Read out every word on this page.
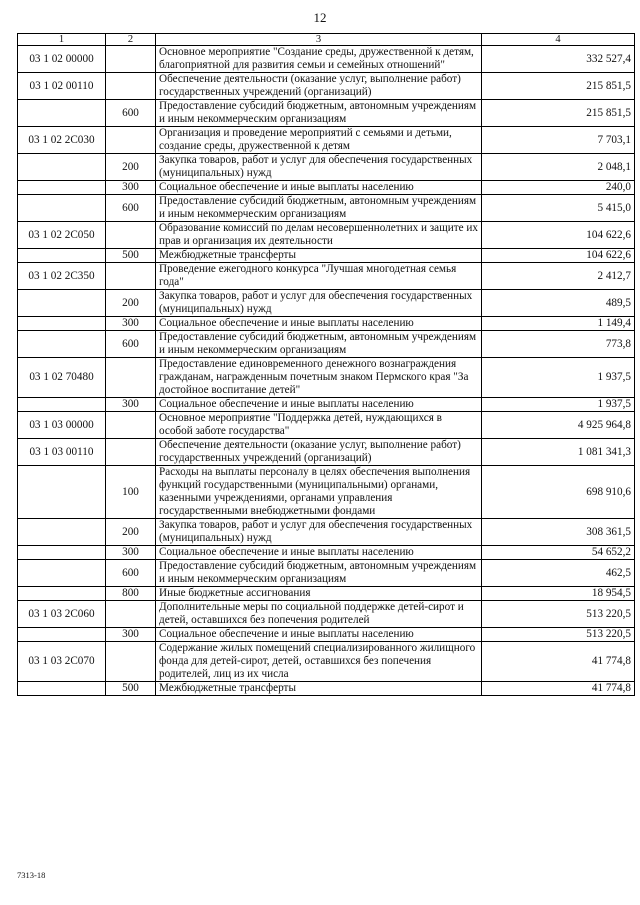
12
1	2	3	4
03 1 02 00000		Основное мероприятие "Создание среды, дружественной к детям, благоприятной для развития семьи и семейных отношений"	332 527,4
03 1 02 00110		Обеспечение деятельности (оказание услуг, выполнение работ) государственных учреждений (организаций)	215 851,5
	600	Предоставление субсидий бюджетным, автономным учреждениям и иным некоммерческим организациям	215 851,5
03 1 02 2С030		Организация и проведение мероприятий с семьями и детьми, создание среды, дружественной к детям	7 703,1
	200	Закупка товаров, работ и услуг для обеспечения государственных (муниципальных) нужд	2 048,1
	300	Социальное обеспечение и иные выплаты населению	240,0
	600	Предоставление субсидий бюджетным, автономным учреждениям и иным некоммерческим организациям	5 415,0
03 1 02 2С050		Образование комиссий по делам несовершеннолетних и защите их прав и организация их деятельности	104 622,6
	500	Межбюджетные трансферты	104 622,6
03 1 02 2С350		Проведение ежегодного конкурса "Лучшая многодетная семья года"	2 412,7
	200	Закупка товаров, работ и услуг для обеспечения государственных (муниципальных) нужд	489,5
	300	Социальное обеспечение и иные выплаты населению	1 149,4
	600	Предоставление субсидий бюджетным, автономным учреждениям и иным некоммерческим организациям	773,8
03 1 02 70480		Предоставление единовременного денежного вознаграждения гражданам, награжденным почетным знаком Пермского края "За достойное воспитание детей"	1 937,5
	300	Социальное обеспечение и иные выплаты населению	1 937,5
03 1 03 00000		Основное мероприятие "Поддержка детей, нуждающихся в особой заботе государства"	4 925 964,8
03 1 03 00110		Обеспечение деятельности (оказание услуг, выполнение работ) государственных учреждений (организаций)	1 081 341,3
	100	Расходы на выплаты персоналу в целях обеспечения выполнения функций государственными (муниципальными) органами, казенными учреждениями, органами управления государственными внебюджетными фондами	698 910,6
	200	Закупка товаров, работ и услуг для обеспечения государственных (муниципальных) нужд	308 361,5
	300	Социальное обеспечение и иные выплаты населению	54 652,2
	600	Предоставление субсидий бюджетным, автономным учреждениям и иным некоммерческим организациям	462,5
	800	Иные бюджетные ассигнования	18 954,5
03 1 03 2С060		Дополнительные меры по социальной поддержке детей-сирот и детей, оставшихся без попечения родителей	513 220,5
	300	Социальное обеспечение и иные выплаты населению	513 220,5
03 1 03 2С070		Содержание жилых помещений специализированного жилищного фонда для детей-сирот, детей, оставшихся без попечения родителей, лиц из их числа	41 774,8
	500	Межбюджетные трансферты	41 774,8
7313-18
